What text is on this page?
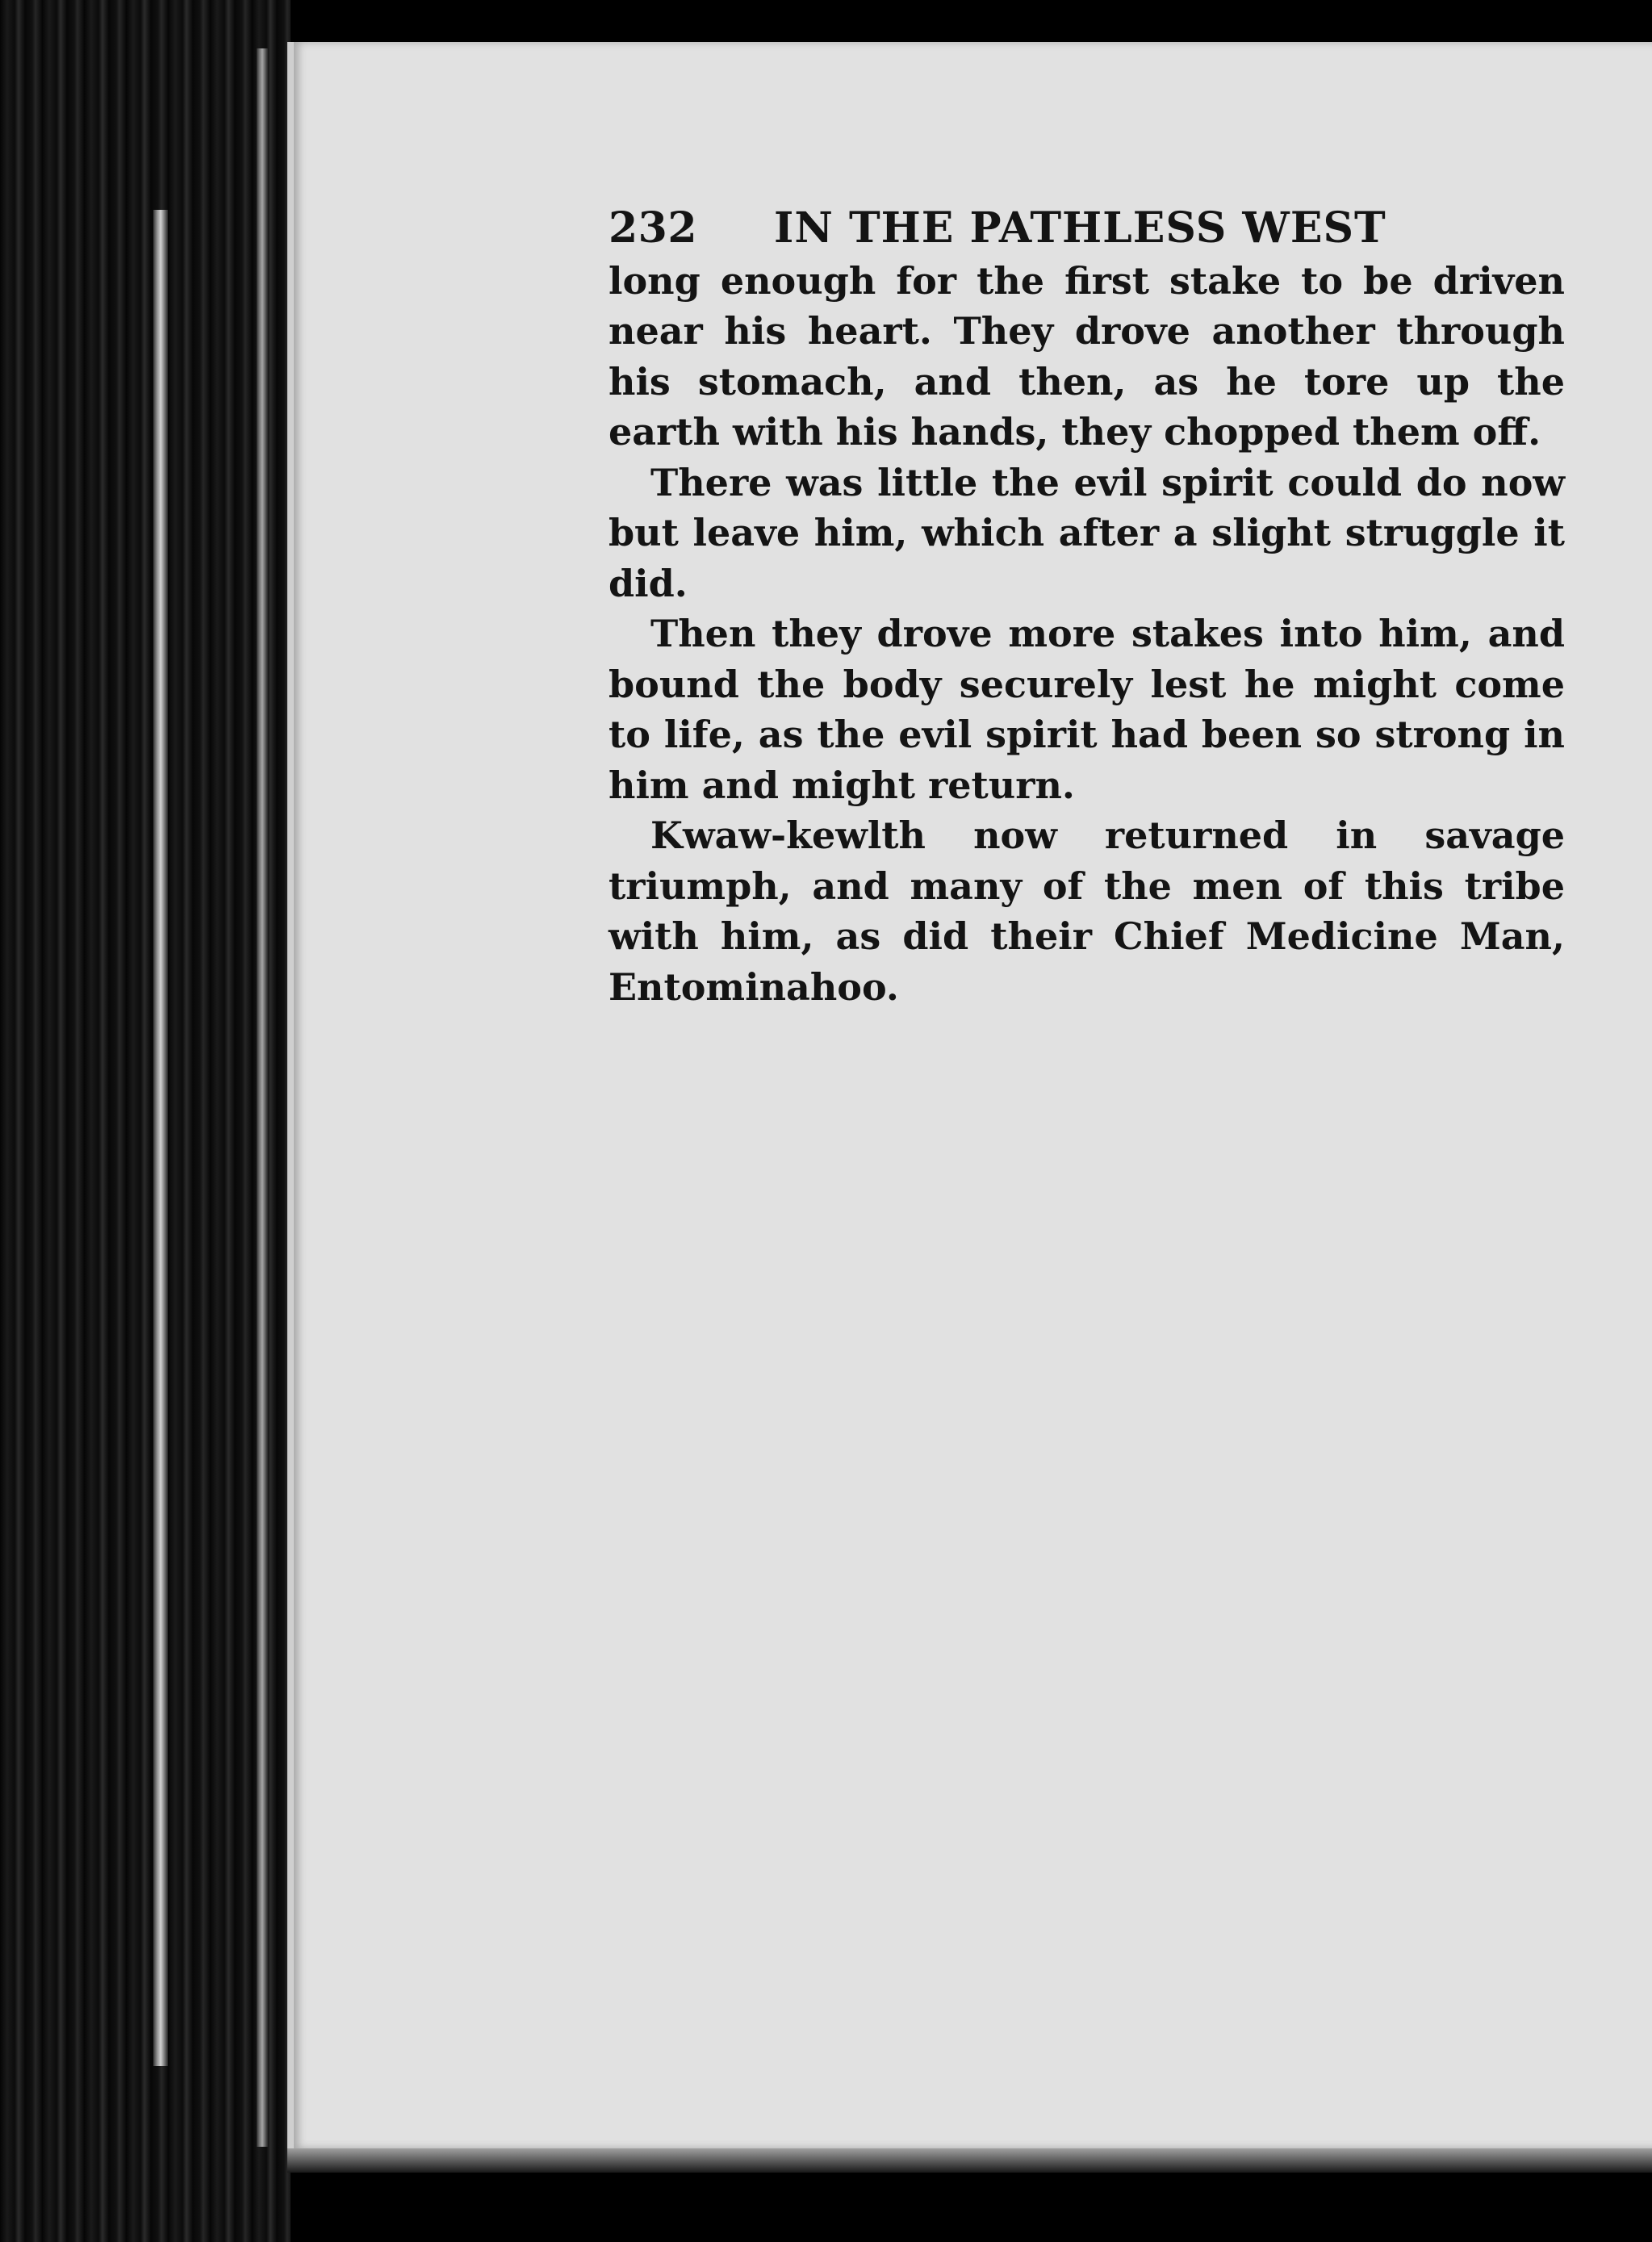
232	IN THE PATHLESS WEST

long enough for the first stake to be driven near his heart. They drove another through his stomach, and then, as he tore up the earth with his hands, they chopped them off.

There was little the evil spirit could do now but leave him, which after a slight struggle it did.

Then they drove more stakes into him, and bound the body securely lest he might come to life, as the evil spirit had been so strong in him and might return.

Kwaw-kewlth now returned in savage triumph, and many of the men of this tribe with him, as did their Chief Medicine Man, Entominahoo.
